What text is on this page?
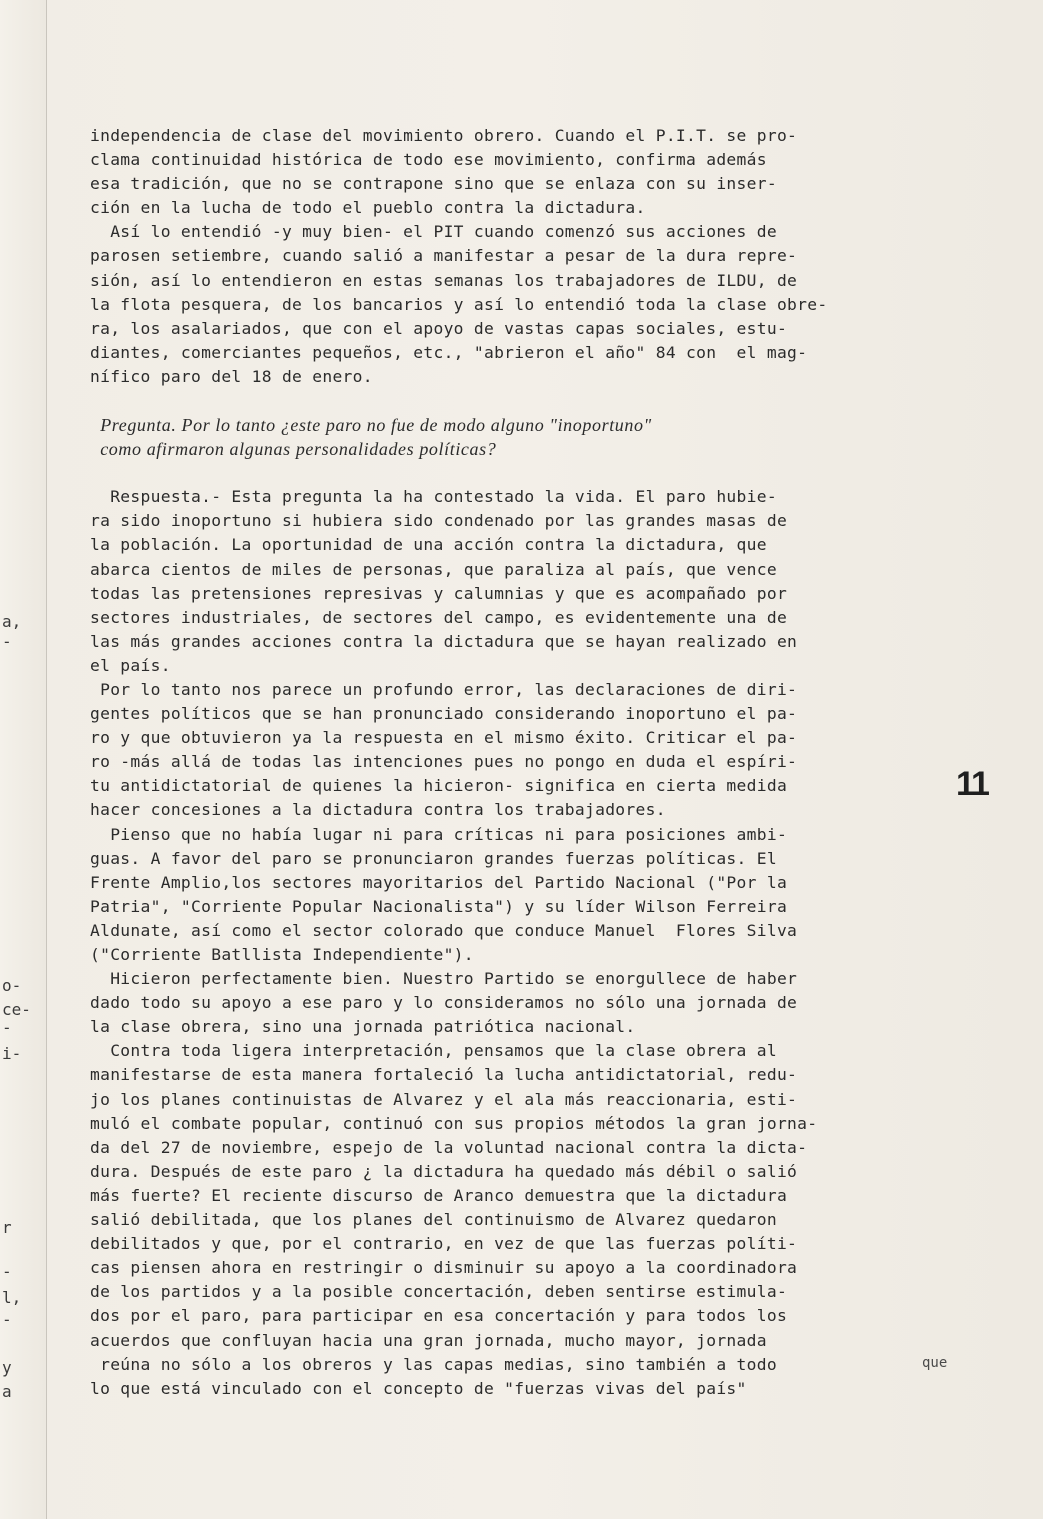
a,
-
o-
ce-
-
i-
r
-
l,
-
y
a
independencia de clase del movimiento obrero. Cuando el P.I.T. se pro-
clama continuidad histórica de todo ese movimiento, confirma además
esa tradición, que no se contrapone sino que se enlaza con su inser-
ción en la lucha de todo el pueblo contra la dictadura.
Así lo entendió -y muy bien- el PIT cuando comenzó sus acciones de
parosen setiembre, cuando salió a manifestar a pesar de la dura repre-
sión, así lo entendieron en estas semanas los trabajadores de ILDU, de
la flota pesquera, de los bancarios y así lo entendió toda la clase obre-
ra, los asalariados, que con el apoyo de vastas capas sociales, estu-
diantes, comerciantes pequeños, etc., "abrieron el año" 84 con  el mag-
nífico paro del 18 de enero.
Pregunta. Por lo tanto ¿este paro no fue de modo alguno "inoportuno"
como afirmaron algunas personalidades políticas?
Respuesta.- Esta pregunta la ha contestado la vida. El paro hubie-
ra sido inoportuno si hubiera sido condenado por las grandes masas de
la población. La oportunidad de una acción contra la dictadura, que
abarca cientos de miles de personas, que paraliza al país, que vence
todas las pretensiones represivas y calumnias y que es acompañado por
sectores industriales, de sectores del campo, es evidentemente una de
las más grandes acciones contra la dictadura que se hayan realizado en
el país.
Por lo tanto nos parece un profundo error, las declaraciones de diri-
gentes políticos que se han pronunciado considerando inoportuno el pa-
ro y que obtuvieron ya la respuesta en el mismo éxito. Criticar el pa-
ro -más allá de todas las intenciones pues no pongo en duda el espíri-
tu antidictatorial de quienes la hicieron- significa en cierta medida
hacer concesiones a la dictadura contra los trabajadores.
Pienso que no había lugar ni para críticas ni para posiciones ambi-
guas. A favor del paro se pronunciaron grandes fuerzas políticas. El
Frente Amplio,los sectores mayoritarios del Partido Nacional ("Por la
Patria", "Corriente Popular Nacionalista") y su líder Wilson Ferreira
Aldunate, así como el sector colorado que conduce Manuel  Flores Silva
("Corriente Batllista Independiente").
Hicieron perfectamente bien. Nuestro Partido se enorgullece de haber
dado todo su apoyo a ese paro y lo consideramos no sólo una jornada de
la clase obrera, sino una jornada patriótica nacional.
Contra toda ligera interpretación, pensamos que la clase obrera al
manifestarse de esta manera fortaleció la lucha antidictatorial, redu-
jo los planes continuistas de Alvarez y el ala más reaccionaria, esti-
muló el combate popular, continuó con sus propios métodos la gran jorna-
da del 27 de noviembre, espejo de la voluntad nacional contra la dicta-
dura. Después de este paro ¿ la dictadura ha quedado más débil o salió
más fuerte? El reciente discurso de Aranco demuestra que la dictadura
salió debilitada, que los planes del continuismo de Alvarez quedaron
debilitados y que, por el contrario, en vez de que las fuerzas políti-
cas piensen ahora en restringir o disminuir su apoyo a la coordinadora
de los partidos y a la posible concertación, deben sentirse estimula-
dos por el paro, para participar en esa concertación y para todos los
acuerdos que confluyan hacia una gran jornada, mucho mayor, jornada
reúna no sólo a los obreros y las capas medias, sino también a todo
lo que está vinculado con el concepto de "fuerzas vivas del país"
11
que
